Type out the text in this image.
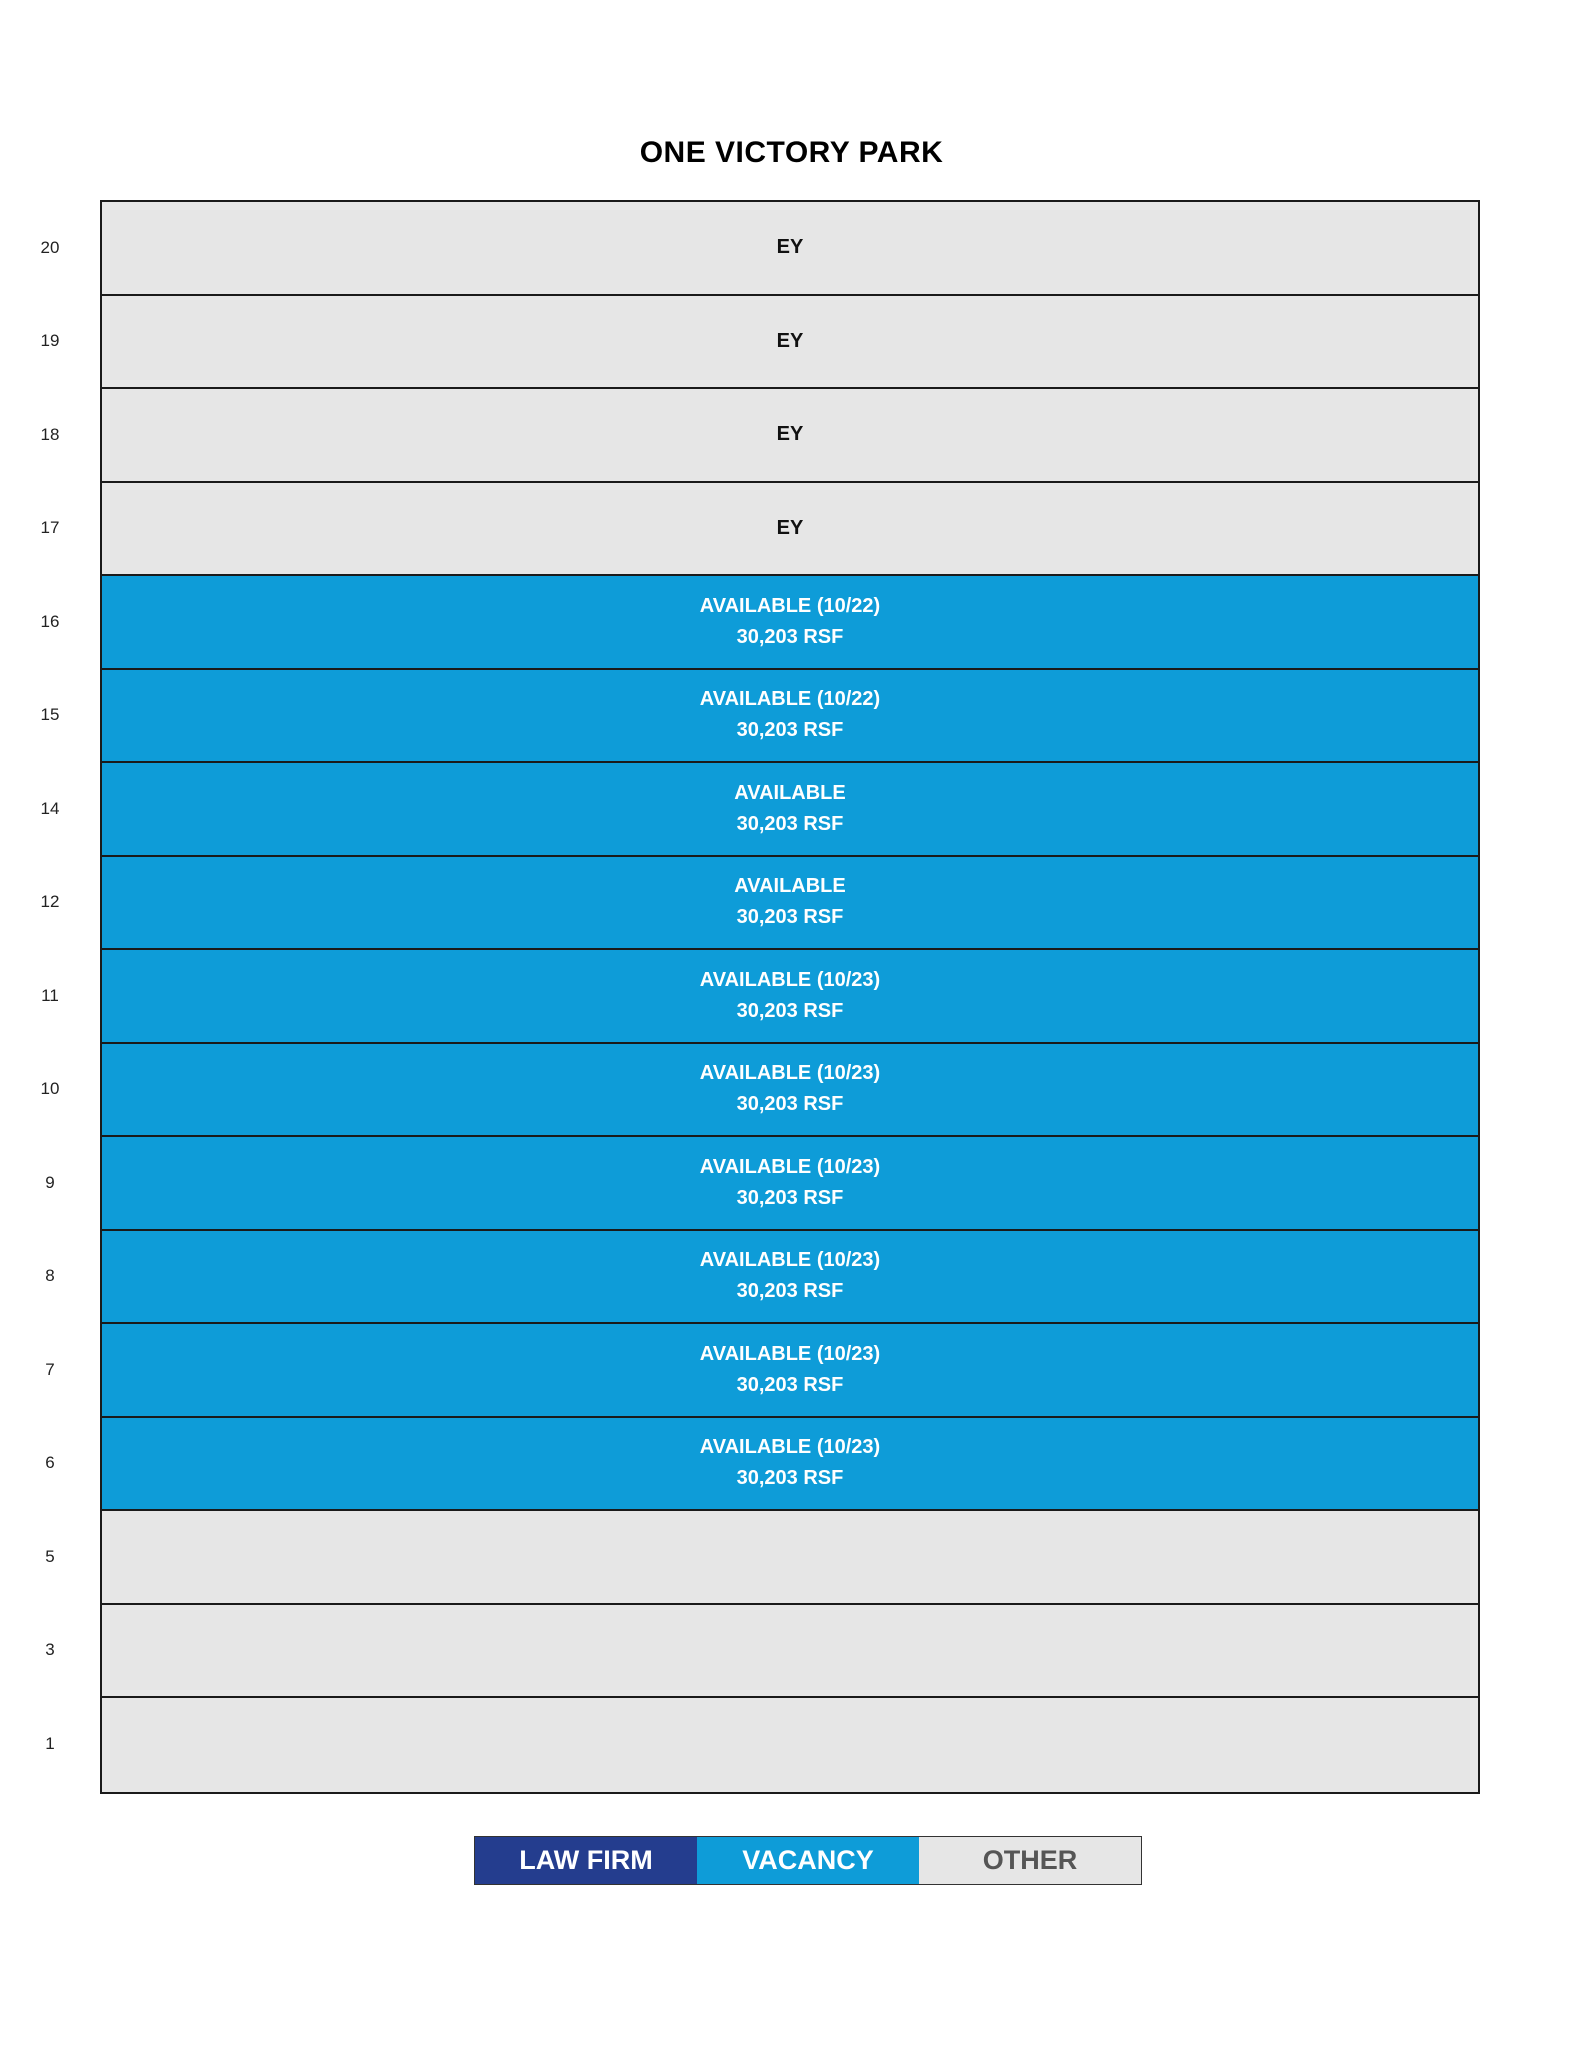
ONE VICTORY PARK
20
19
18
17
16
15
14
12
11
10
9
8
7
6
5
3
1
EY
EY
EY
EY
AVAILABLE (10/22)
30,203 RSF
AVAILABLE (10/22)
30,203 RSF
AVAILABLE
30,203 RSF
AVAILABLE
30,203 RSF
AVAILABLE (10/23)
30,203 RSF
AVAILABLE (10/23)
30,203 RSF
AVAILABLE (10/23)
30,203 RSF
AVAILABLE (10/23)
30,203 RSF
AVAILABLE (10/23)
30,203 RSF
AVAILABLE (10/23)
30,203 RSF
LAW FIRM	VACANCY	OTHER
